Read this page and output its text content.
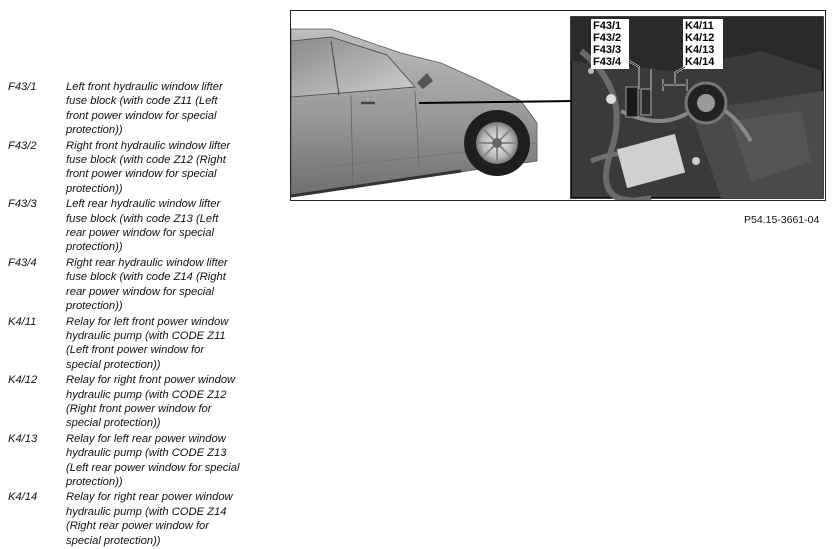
F43/1	Left front hydraulic window lifter
fuse block (with code Z11 (Left
front power window for special
protection))
F43/2	Right front hydraulic window lifter
fuse block (with code Z12 (Right
front power window for special
protection))
F43/3	Left rear hydraulic window lifter
fuse block (with code Z13 (Left
rear power window for special
protection))
F43/4	Right rear hydraulic window lifter
fuse block (with code Z14 (Right
rear power window for special
protection))
K4/11	Relay for left front power window
hydraulic pump (with CODE Z11
(Left front power window for
special protection))
K4/12	Relay for right front power window
hydraulic pump (with CODE Z12
(Right front power window for
special protection))
K4/13	Relay for left rear power window
hydraulic pump (with CODE Z13
(Left rear power window for special
protection))
K4/14	Relay for right rear power window
hydraulic pump (with CODE Z14
(Right rear power window for
special protection))
F43/1
F43/2
F43/3
F43/4
K4/11
K4/12
K4/13
K4/14
P54.15-3661-04
